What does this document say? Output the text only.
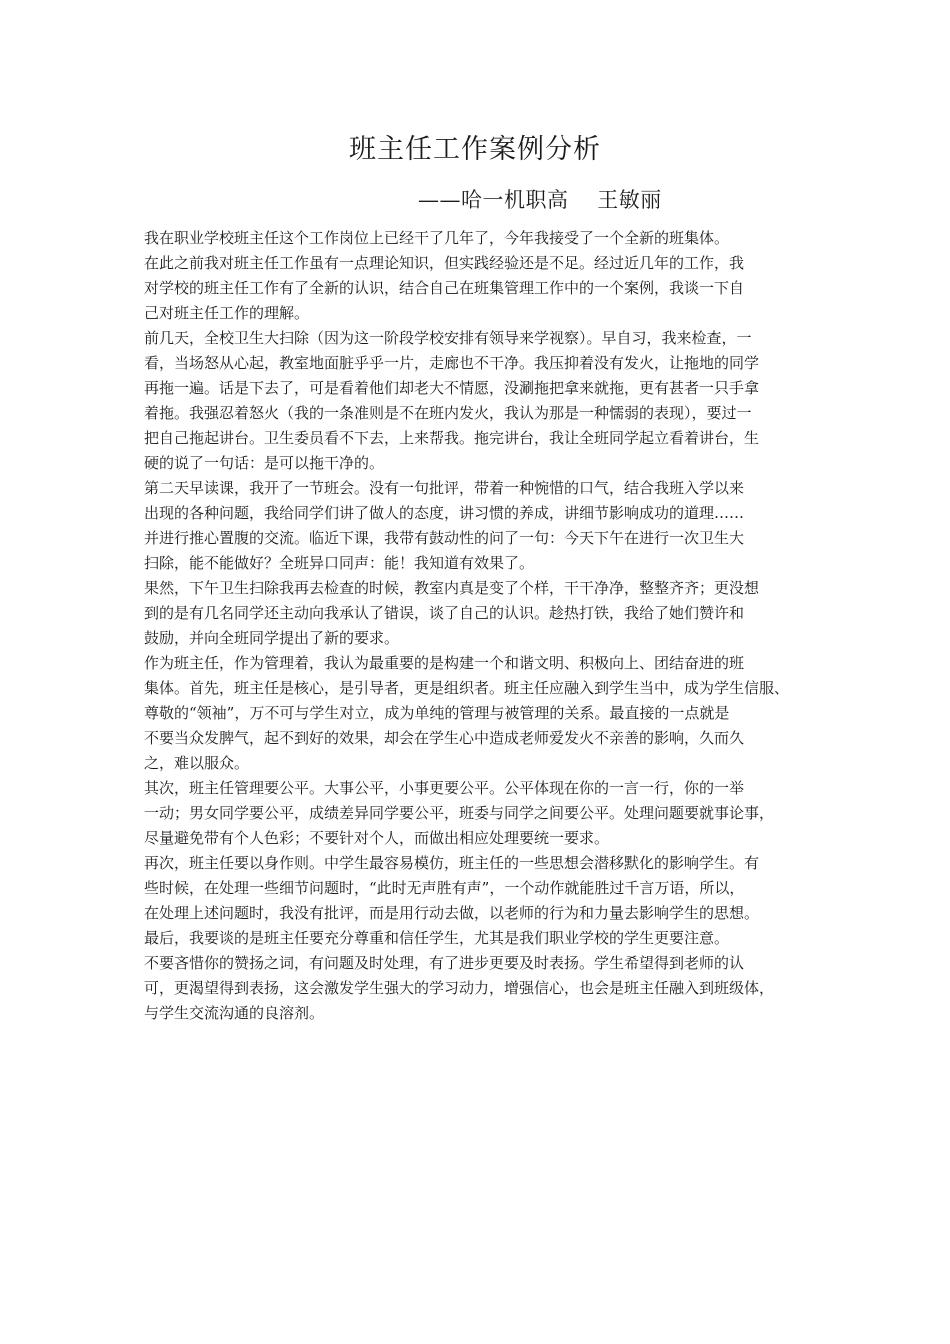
班主任工作案例分析
——哈一机职高    王敏丽
我在职业学校班主任这个工作岗位上已经干了几年了，今年我接受了一个全新的班集体。
在此之前我对班主任工作虽有一点理论知识，但实践经验还是不足。经过近几年的工作，我
对学校的班主任工作有了全新的认识，结合自己在班集管理工作中的一个案例，我谈一下自
己对班主任工作的理解。
前几天，全校卫生大扫除（因为这一阶段学校安排有领导来学视察）。早自习，我来检查，一
看，当场怒从心起，教室地面脏乎乎一片，走廊也不干净。我压抑着没有发火，让拖地的同学
再拖一遍。话是下去了，可是看着他们却老大不情愿，没涮拖把拿来就拖，更有甚者一只手拿
着拖。我强忍着怒火（我的一条准则是不在班内发火，我认为那是一种懦弱的表现），要过一
把自己拖起讲台。卫生委员看不下去，上来帮我。拖完讲台，我让全班同学起立看着讲台，生
硬的说了一句话：是可以拖干净的。
第二天早读课，我开了一节班会。没有一句批评，带着一种惋惜的口气，结合我班入学以来
出现的各种问题，我给同学们讲了做人的态度，讲习惯的养成，讲细节影响成功的道理……
并进行推心置腹的交流。临近下课，我带有鼓动性的问了一句：今天下午在进行一次卫生大
扫除，能不能做好？全班异口同声：能！我知道有效果了。
果然，下午卫生扫除我再去检查的时候，教室内真是变了个样，干干净净，整整齐齐；更没想
到的是有几名同学还主动向我承认了错误，谈了自己的认识。趁热打铁，我给了她们赞许和
鼓励，并向全班同学提出了新的要求。
作为班主任，作为管理着，我认为最重要的是构建一个和谐文明、积极向上、团结奋进的班
集体。首先，班主任是核心，是引导者，更是组织者。班主任应融入到学生当中，成为学生信服、
尊敬的“领袖”，万不可与学生对立，成为单纯的管理与被管理的关系。最直接的一点就是
不要当众发脾气，起不到好的效果，却会在学生心中造成老师爱发火不亲善的影响，久而久
之，难以服众。
其次，班主任管理要公平。大事公平，小事更要公平。公平体现在你的一言一行，你的一举
一动；男女同学要公平，成绩差异同学要公平，班委与同学之间要公平。处理问题要就事论事，
尽量避免带有个人色彩；不要针对个人，而做出相应处理要统一要求。
再次，班主任要以身作则。中学生最容易模仿，班主任的一些思想会潜移默化的影响学生。有
些时候，在处理一些细节问题时，“此时无声胜有声”，一个动作就能胜过千言万语，所以，
在处理上述问题时，我没有批评，而是用行动去做，以老师的行为和力量去影响学生的思想。
最后，我要谈的是班主任要充分尊重和信任学生，尤其是我们职业学校的学生更要注意。
不要吝惜你的赞扬之词，有问题及时处理，有了进步更要及时表扬。学生希望得到老师的认
可，更渴望得到表扬，这会激发学生强大的学习动力，增强信心，也会是班主任融入到班级体，
与学生交流沟通的良溶剂。
